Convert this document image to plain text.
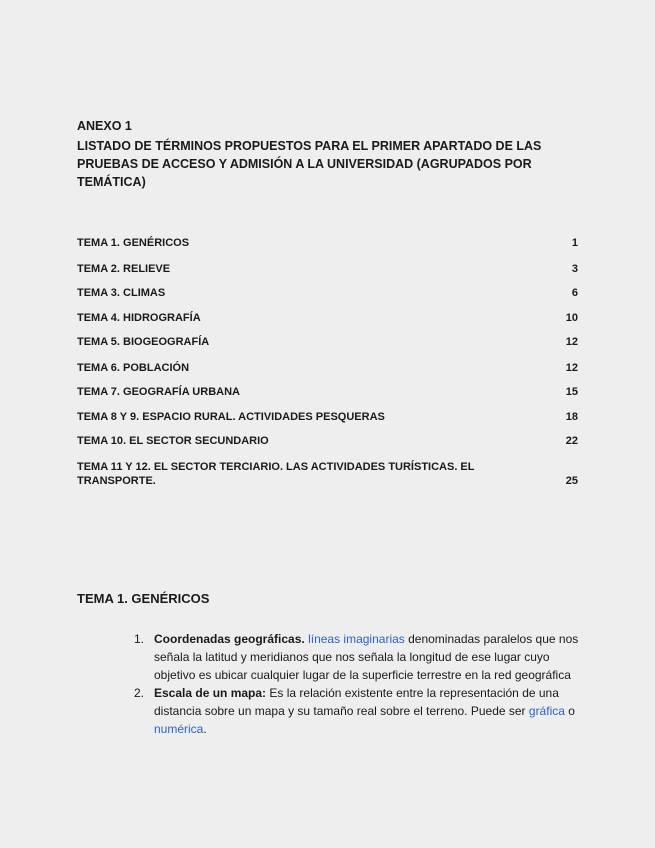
ANEXO 1
LISTADO DE TÉRMINOS PROPUESTOS PARA EL PRIMER APARTADO DE LAS PRUEBAS DE ACCESO Y ADMISIÓN A LA UNIVERSIDAD (AGRUPADOS POR TEMÁTICA)
TEMA 1. GENÉRICOS	1
TEMA 2. RELIEVE	3
TEMA 3. CLIMAS	6
TEMA 4. HIDROGRAFÍA	10
TEMA 5. BIOGEOGRAFÍA	12
TEMA 6. POBLACIÓN	12
TEMA 7. GEOGRAFÍA URBANA	15
TEMA 8 Y 9. ESPACIO RURAL. ACTIVIDADES PESQUERAS	18
TEMA 10. EL SECTOR SECUNDARIO	22
TEMA 11 Y 12. EL SECTOR TERCIARIO. LAS ACTIVIDADES TURÍSTICAS. EL TRANSPORTE.	25
TEMA 1. GENÉRICOS
1. Coordenadas geográficas. líneas imaginarias denominadas paralelos que nos señala la latitud y meridianos que nos señala la longitud de ese lugar cuyo objetivo es ubicar cualquier lugar de la superficie terrestre en la red geográfica
2. Escala de un mapa: Es la relación existente entre la representación de una distancia sobre un mapa y su tamaño real sobre el terreno. Puede ser gráfica o numérica.
